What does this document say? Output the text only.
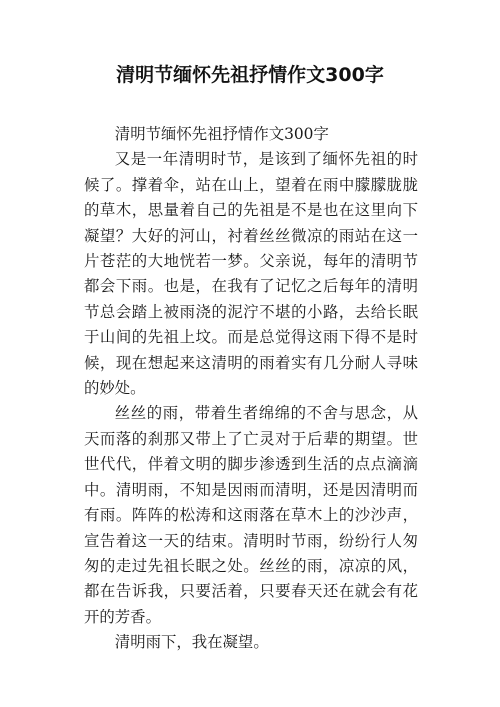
清明节缅怀先祖抒情作文300字

清明节缅怀先祖抒情作文300字

又是一年清明时节，是该到了缅怀先祖的时候了。撑着伞，站在山上，望着在雨中朦朦胧胧的草木，思量着自己的先祖是不是也在这里向下凝望？大好的河山，衬着丝丝微凉的雨站在这一片苍茫的大地恍若一梦。父亲说，每年的清明节都会下雨。也是，在我有了记忆之后每年的清明节总会踏上被雨浇的泥泞不堪的小路，去给长眠于山间的先祖上坟。而是总觉得这雨下得不是时候，现在想起来这清明的雨着实有几分耐人寻味的妙处。

丝丝的雨，带着生者绵绵的不舍与思念，从天而落的刹那又带上了亡灵对于后辈的期望。世世代代，伴着文明的脚步渗透到生活的点点滴滴中。清明雨，不知是因雨而清明，还是因清明而有雨。阵阵的松涛和这雨落在草木上的沙沙声，宣告着这一天的结束。清明时节雨，纷纷行人匆匆的走过先祖长眠之处。丝丝的雨，凉凉的风，都在告诉我，只要活着，只要春天还在就会有花开的芳香。

清明雨下，我在凝望。
